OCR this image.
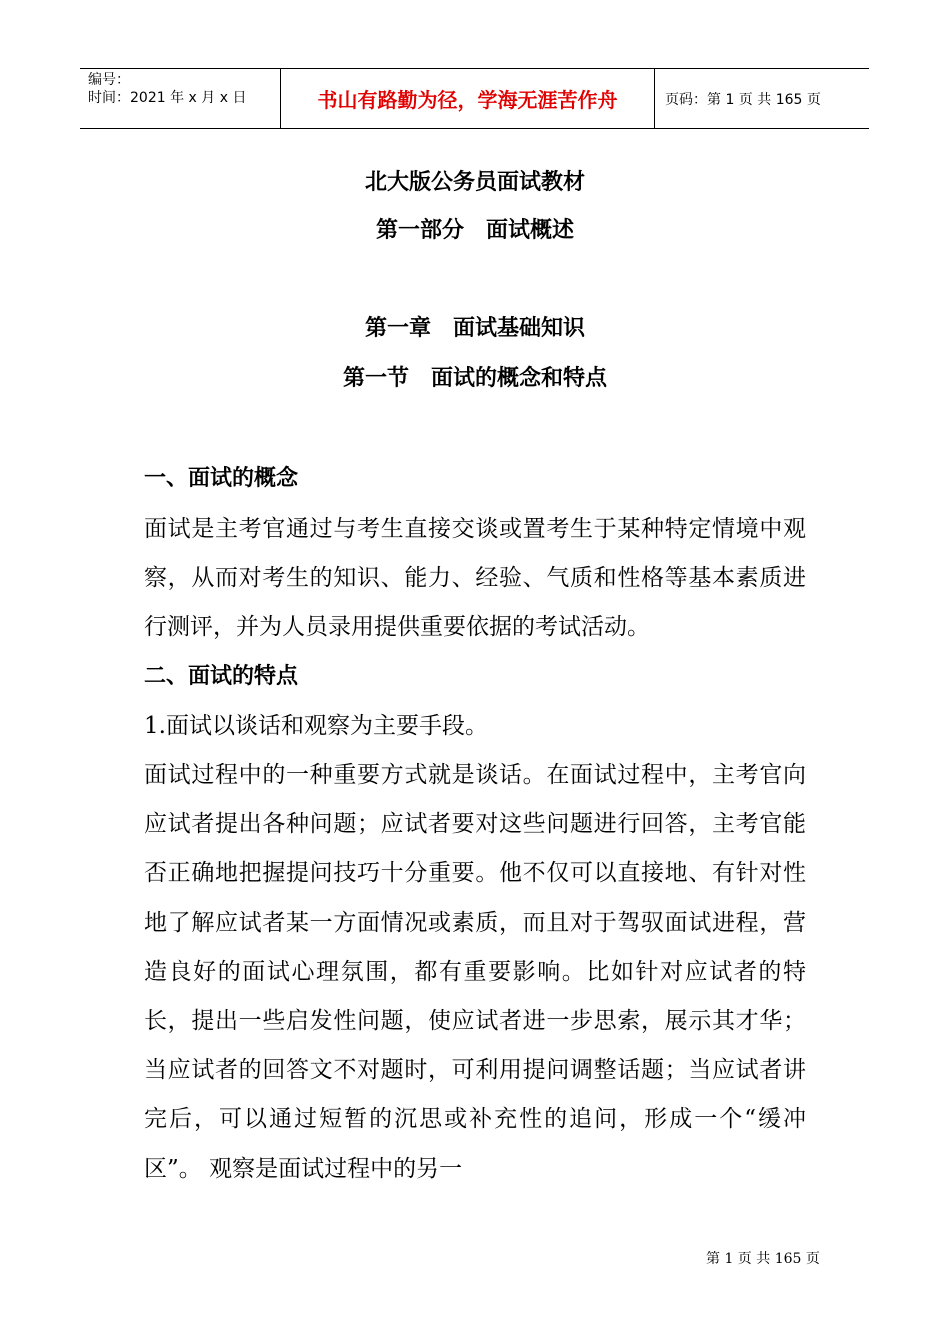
编号：
时间：2021 年 x 月 x 日	书山有路勤为径，学海无涯苦作舟	页码：第 1 页 共 165 页
北大版公务员面试教材
第一部分　面试概述
第一章　面试基础知识
第一节　面试的概念和特点
一、面试的概念

面试是主考官通过与考生直接交谈或置考生于某种特定情境中观察，从而对考生的知识、能力、经验、气质和性格等基本素质进行测评，并为人员录用提供重要依据的考试活动。

二、面试的特点

1.面试以谈话和观察为主要手段。

面试过程中的一种重要方式就是谈话。在面试过程中，主考官向应试者提出各种问题；应试者要对这些问题进行回答，主考官能否正确地把握提问技巧十分重要。他不仅可以直接地、有针对性地了解应试者某一方面情况或素质，而且对于驾驭面试进程，营造良好的面试心理氛围，都有重要影响。比如针对应试者的特长，提出一些启发性问题，使应试者进一步思索，展示其才华；当应试者的回答文不对题时，可利用提问调整话题；当应试者讲完后，可以通过短暂的沉思或补充性的追问，形成一个“缓冲区”。 观察是面试过程中的另一

第 1 页 共 165 页
